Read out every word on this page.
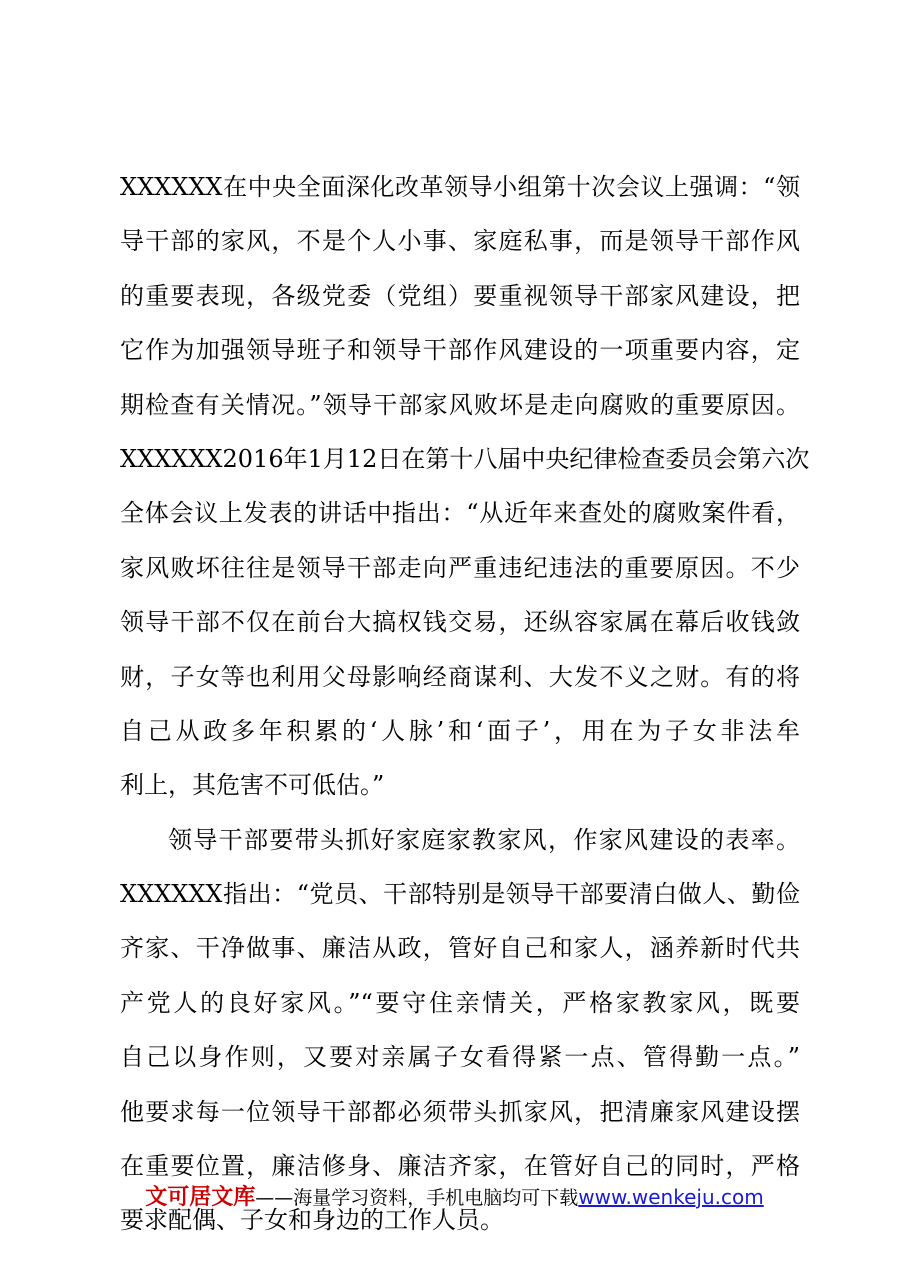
XXXXXX在中央全面深化改革领导小组第十次会议上强调：“领
导干部的家风，不是个人小事、家庭私事，而是领导干部作风
的重要表现，各级党委（党组）要重视领导干部家风建设，把
它作为加强领导班子和领导干部作风建设的一项重要内容，定
期检查有关情况。”领导干部家风败坏是走向腐败的重要原因。
XXXXXX2016年1月12日在第十八届中央纪律检查委员会第六次
全体会议上发表的讲话中指出：“从近年来查处的腐败案件看，
家风败坏往往是领导干部走向严重违纪违法的重要原因。不少
领导干部不仅在前台大搞权钱交易，还纵容家属在幕后收钱敛
财，子女等也利用父母影响经商谋利、大发不义之财。有的将
自己从政多年积累的‘人脉’和‘面子’，用在为子女非法牟
利上，其危害不可低估。”
领导干部要带头抓好家庭家教家风，作家风建设的表率。
XXXXXX指出：“党员、干部特别是领导干部要清白做人、勤俭
齐家、干净做事、廉洁从政，管好自己和家人，涵养新时代共
产党人的良好家风。”“要守住亲情关，严格家教家风，既要
自己以身作则，又要对亲属子女看得紧一点、管得勤一点。”
他要求每一位领导干部都必须带头抓家风，把清廉家风建设摆
在重要位置，廉洁修身、廉洁齐家，在管好自己的同时，严格
要求配偶、子女和身边的工作人员。
文可居文库——海量学习资料，手机电脑均可下载www.wenkeju.com
